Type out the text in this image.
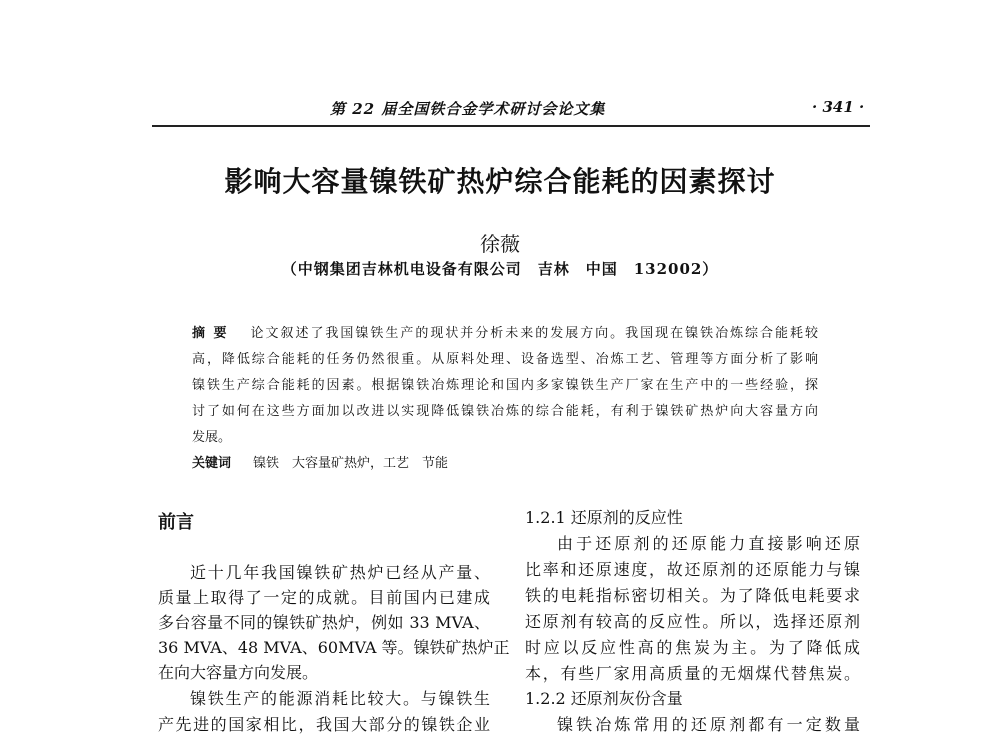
第 22 届全国铁合金学术研讨会论文集	· 341 ·
影响大容量镍铁矿热炉综合能耗的因素探讨
徐薇
（中钢集团吉林机电设备有限公司　吉林　中国　132002）
摘 要 论文叙述了我国镍铁生产的现状并分析未来的发展方向。我国现在镍铁冶炼综合能耗较
高，降低综合能耗的任务仍然很重。从原料处理、设备选型、冶炼工艺、管理等方面分析了影响
镍铁生产综合能耗的因素。根据镍铁冶炼理论和国内多家镍铁生产厂家在生产中的一些经验，探
讨了如何在这些方面加以改进以实现降低镍铁冶炼的综合能耗，有利于镍铁矿热炉向大容量方向
发展。
关键词 镍铁　大容量矿热炉，工艺　节能
前言
近十几年我国镍铁矿热炉已经从产量、
质量上取得了一定的成就。目前国内已建成
多台容量不同的镍铁矿热炉，例如 33 MVA、
36 MVA、48 MVA、60MVA 等。镍铁矿热炉正
在向大容量方向发展。
镍铁生产的能源消耗比较大。与镍铁生
产先进的国家相比，我国大部分的镍铁企业
1.2.1 还原剂的反应性
由于还原剂的还原能力直接影响还原
比率和还原速度，故还原剂的还原能力与镍
铁的电耗指标密切相关。为了降低电耗要求
还原剂有较高的反应性。所以，选择还原剂
时应以反应性高的焦炭为主。为了降低成
本，有些厂家用高质量的无烟煤代替焦炭。
1.2.2 还原剂灰份含量
镍铁冶炼常用的还原剂都有一定数量
